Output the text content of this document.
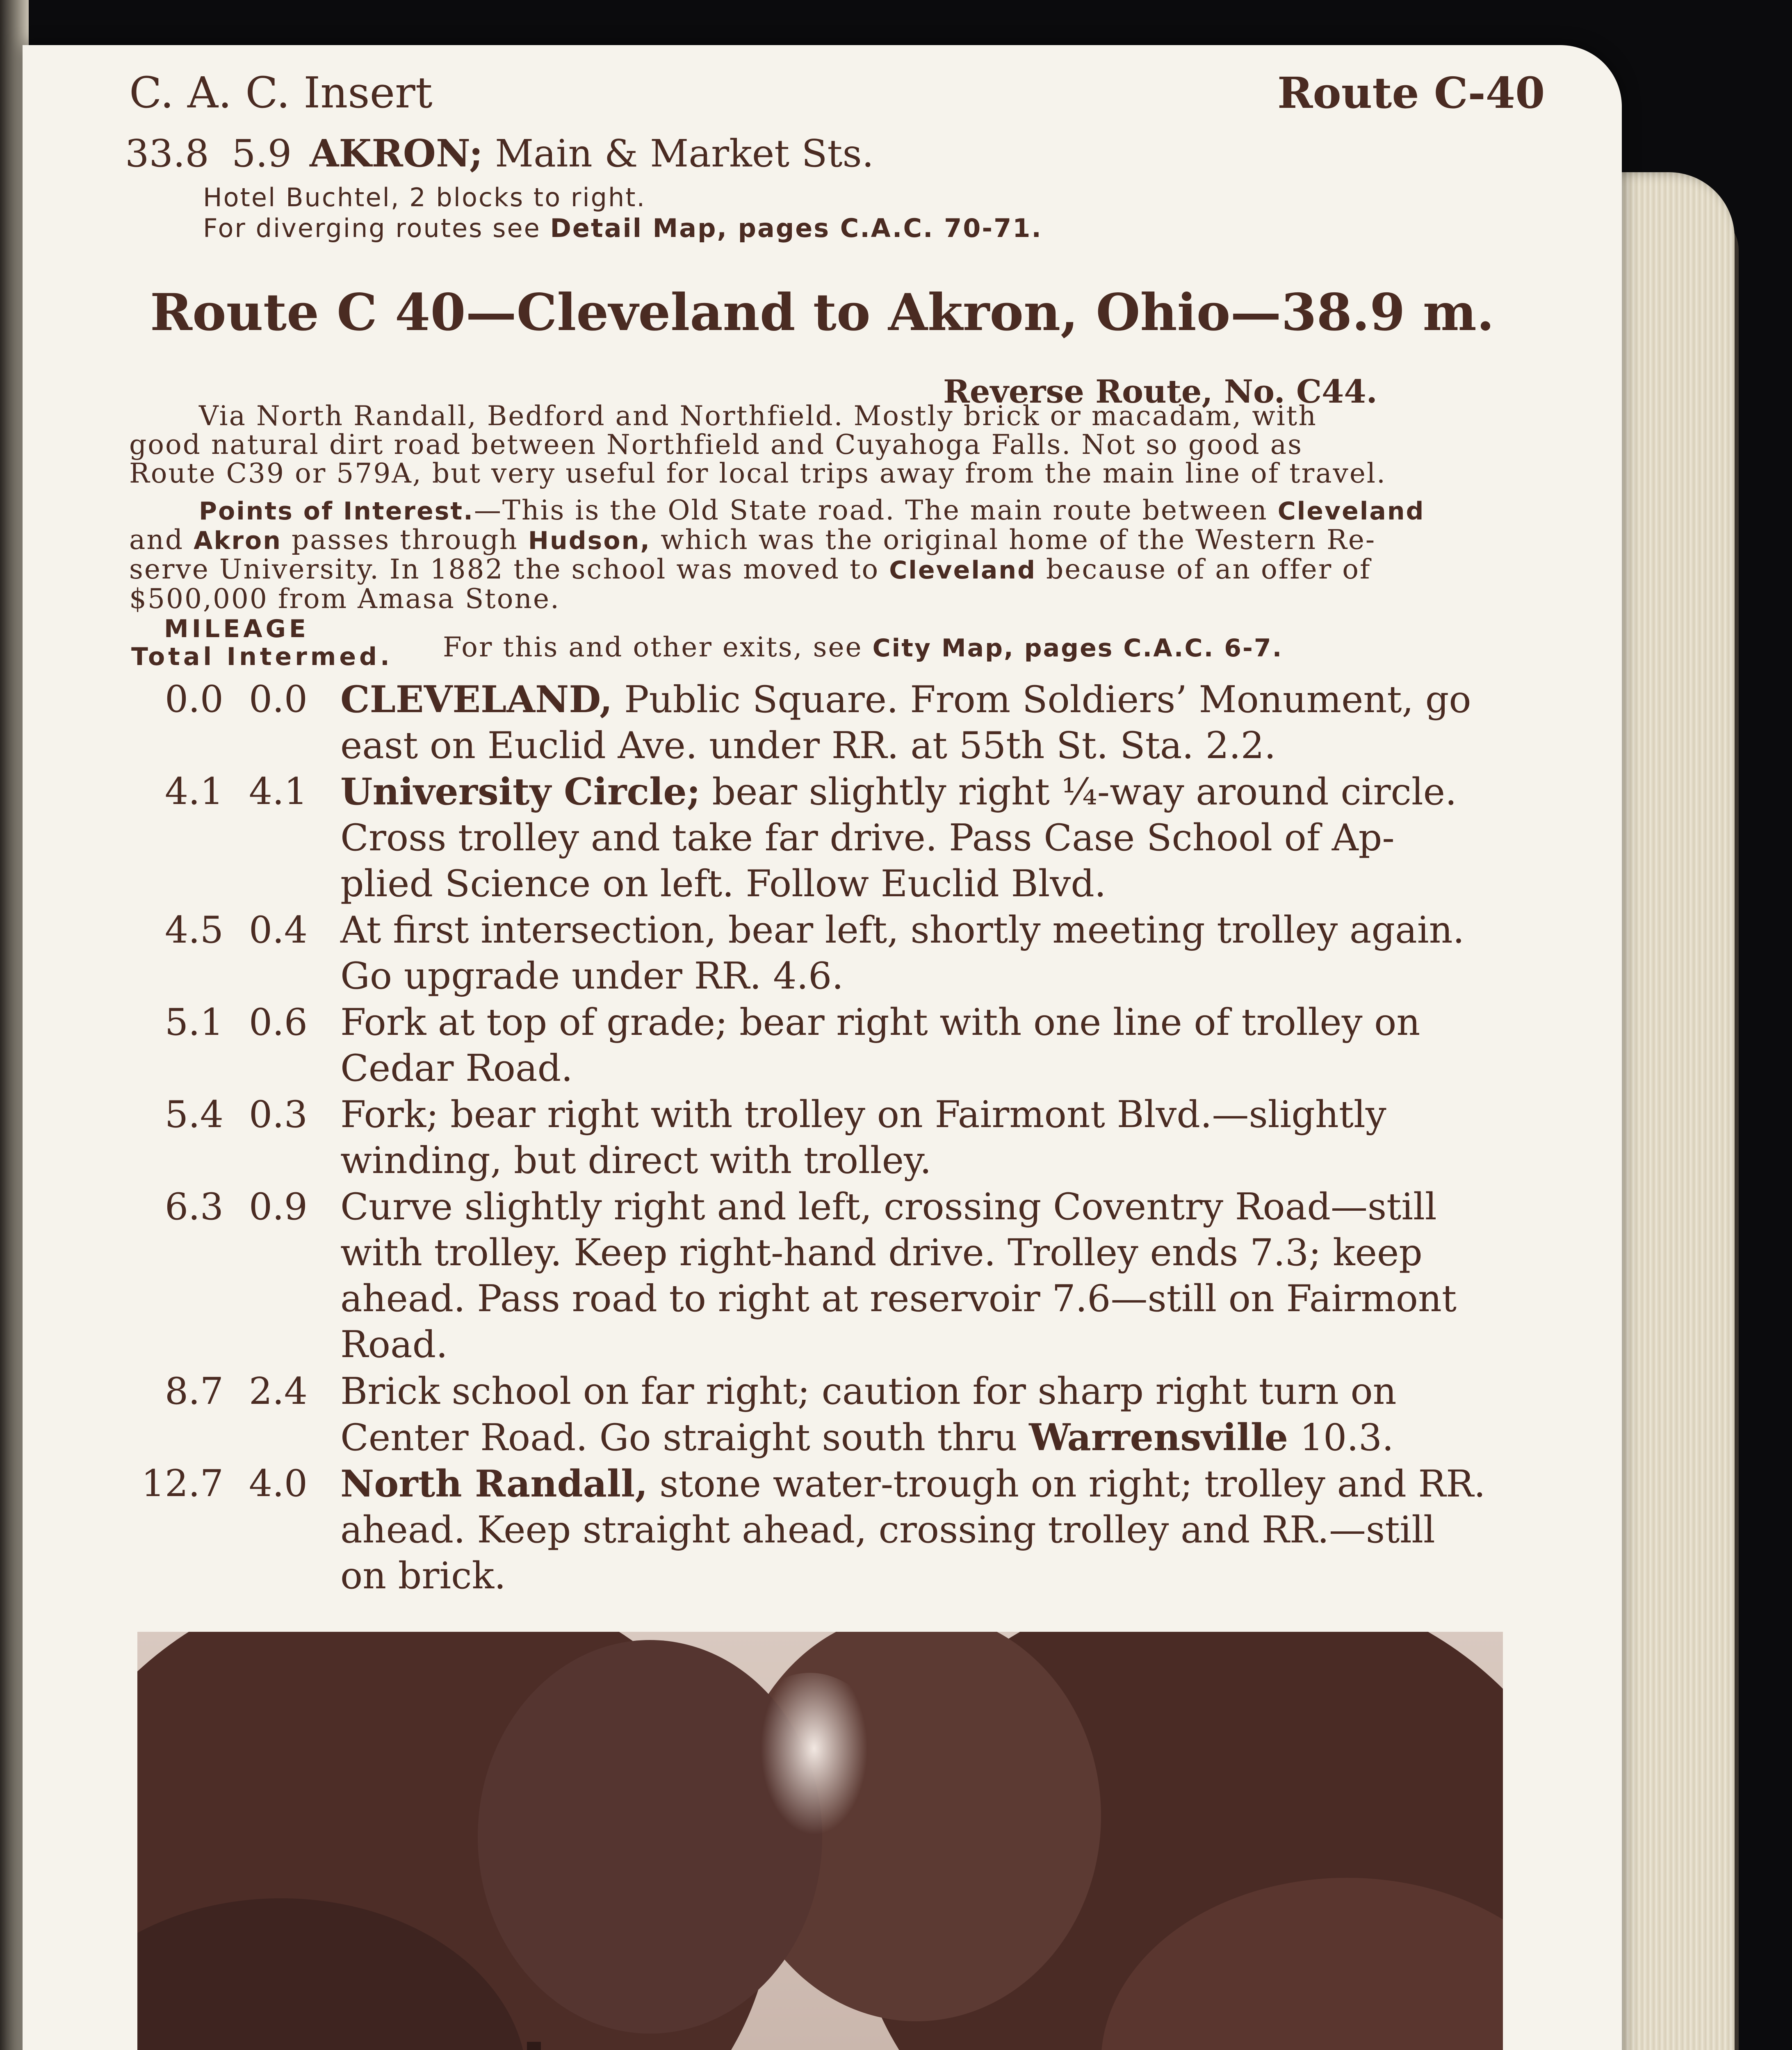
C. A. C. Insert	Route C-40
33.8 5.9 AKRON; Main & Market Sts.
Hotel Buchtel, 2 blocks to right.
For diverging routes see Detail Map, pages C.A.C. 70-71.
Route C 40—Cleveland to Akron, Ohio—38.9 m.
Reverse Route, No. C44.
Via North Randall, Bedford and Northfield. Mostly brick or macadam, with
good natural dirt road between Northfield and Cuyahoga Falls. Not so good as
Route C39 or 579A, but very useful for local trips away from the main line of travel.
Points of Interest.—This is the Old State road. The main route between Cleveland
and Akron passes through Hudson, which was the original home of the Western Re-
serve University. In 1882 the school was moved to Cleveland because of an offer of
$500,000 from Amasa Stone.
MILEAGE
Total Intermed. For this and other exits, see City Map, pages C.A.C. 6-7.
0.0 0.0 CLEVELAND, Public Square. From Soldiers’ Monument, go
east on Euclid Ave. under RR. at 55th St. Sta. 2.2.
4.1 4.1 University Circle; bear slightly right ¼-way around circle.
Cross trolley and take far drive. Pass Case School of Ap-
plied Science on left. Follow Euclid Blvd.
4.5 0.4 At first intersection, bear left, shortly meeting trolley again.
Go upgrade under RR. 4.6.
5.1 0.6 Fork at top of grade; bear right with one line of trolley on
Cedar Road.
5.4 0.3 Fork; bear right with trolley on Fairmont Blvd.—slightly
winding, but direct with trolley.
6.3 0.9 Curve slightly right and left, crossing Coventry Road—still
with trolley. Keep right-hand drive. Trolley ends 7.3; keep
ahead. Pass road to right at reservoir 7.6—still on Fairmont
Road.
8.7 2.4 Brick school on far right; caution for sharp right turn on
Center Road. Go straight south thru Warrensville 10.3.
12.7 4.0 North Randall, stone water-trough on right; trolley and RR.
ahead. Keep straight ahead, crossing trolley and RR.—still
on brick.
